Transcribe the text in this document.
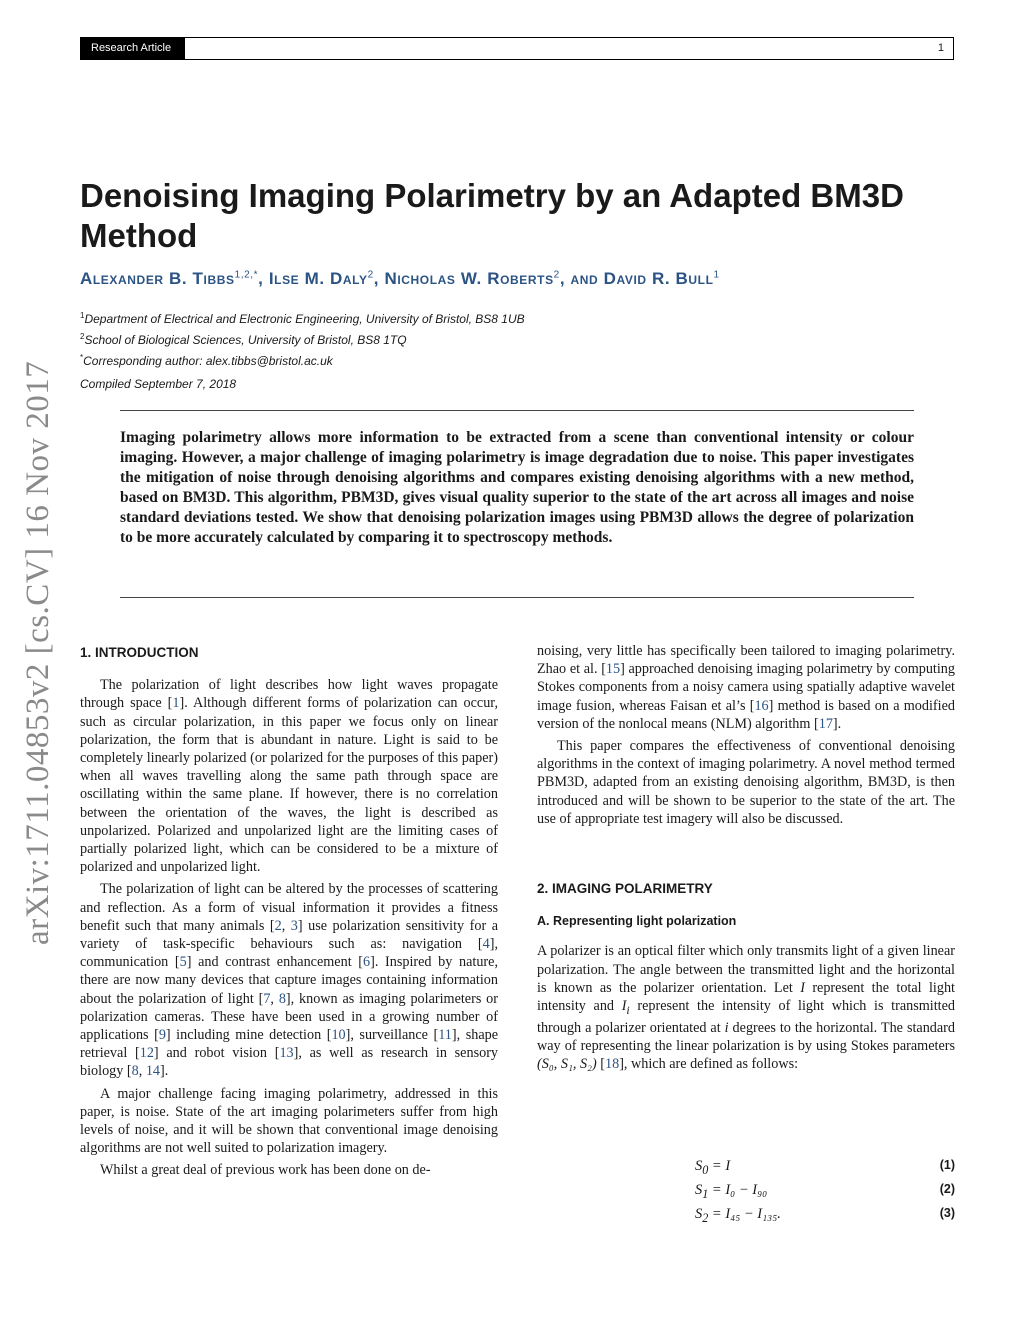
Research Article	1
arXiv:1711.04853v2 [cs.CV] 16 Nov 2017
Denoising Imaging Polarimetry by an Adapted BM3D Method
Alexander B. Tibbs$^{1,2,*}$, Ilse M. Daly$^2$, Nicholas W. Roberts$^2$, and David R. Bull$^1$
$^1$Department of Electrical and Electronic Engineering, University of Bristol, BS8 1UB
$^2$School of Biological Sciences, University of Bristol, BS8 1TQ
*Corresponding author: alex.tibbs@bristol.ac.uk
Compiled September 7, 2018

Imaging polarimetry allows more information to be extracted from a scene than conventional intensity or colour imaging. However, a major challenge of imaging polarimetry is image degradation due to noise. This paper investigates the mitigation of noise through denoising algorithms and compares existing denoising algorithms with a new method, based on BM3D. This algorithm, PBM3D, gives visual quality superior to the state of the art across all images and noise standard deviations tested. We show that denoising polarization images using PBM3D allows the degree of polarization to be more accurately calculated by comparing it to spectroscopy methods.

1. INTRODUCTION

The polarization of light describes how light waves propagate through space [1]. Although different forms of polarization can occur, such as circular polarization, in this paper we focus only on linear polarization, the form that is abundant in nature. Light is said to be completely linearly polarized (or polarized for the purposes of this paper) when all waves travelling along the same path through space are oscillating within the same plane. If however, there is no correlation between the orientation of the waves, the light is described as unpolarized. Polarized and unpolarized light are the limiting cases of partially polarized light, which can be considered to be a mixture of polarized and unpolarized light.

The polarization of light can be altered by the processes of scattering and reflection. As a form of visual information it provides a fitness benefit such that many animals [2, 3] use polarization sensitivity for a variety of task-specific behaviours such as: navigation [4], communication [5] and contrast enhancement [6]. Inspired by nature, there are now many devices that capture images containing information about the polarization of light [7, 8], known as imaging polarimeters or polarization cameras. These have been used in a growing number of applications [9] including mine detection [10], surveillance [11], shape retrieval [12] and robot vision [13], as well as research in sensory biology [8, 14].

A major challenge facing imaging polarimetry, addressed in this paper, is noise. State of the art imaging polarimeters suffer from high levels of noise, and it will be shown that conventional image denoising algorithms are not well suited to polarization imagery.

Whilst a great deal of previous work has been done on de-

noising, very little has specifically been tailored to imaging polarimetry. Zhao et al. [15] approached denoising imaging polarimetry by computing Stokes components from a noisy camera using spatially adaptive wavelet image fusion, whereas Faisan et al’s [16] method is based on a modified version of the nonlocal means (NLM) algorithm [17].

This paper compares the effectiveness of conventional denoising algorithms in the context of imaging polarimetry. A novel method termed PBM3D, adapted from an existing denoising algorithm, BM3D, is then introduced and will be shown to be superior to the state of the art. The use of appropriate test imagery will also be discussed.

2. IMAGING POLARIMETRY
A. Representing light polarization

A polarizer is an optical filter which only transmits light of a given linear polarization. The angle between the transmitted light and the horizontal is known as the polarizer orientation. Let I represent the total light intensity and $I_i$ represent the intensity of light which is transmitted through a polarizer orientated at i degrees to the horizontal. The standard way of representing the linear polarization is by using Stokes parameters (S₀, S₁, S₂) [18], which are defined as follows:

$S_0 = I$	(1)
$S_1 = I_0 - I_{90}$	(2)
$S_2 = I_{45} - I_{135}$.	(3)
